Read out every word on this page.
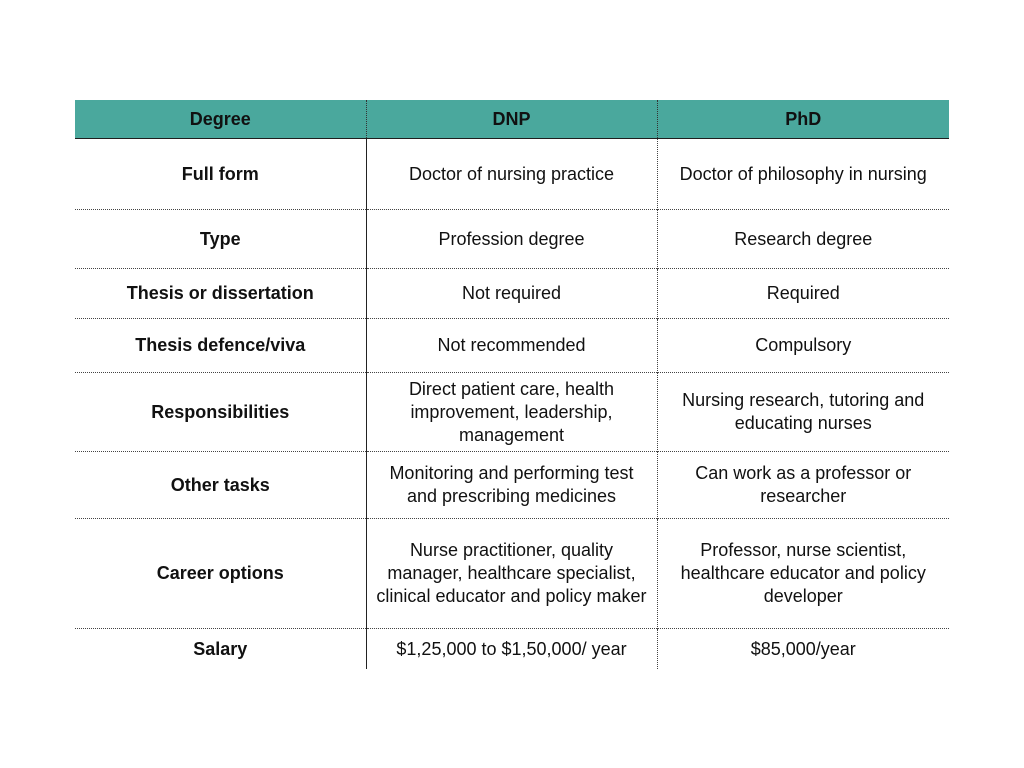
Degree	DNP	PhD
Full form	Doctor of nursing practice	Doctor of philosophy in nursing
Type	Profession degree	Research degree
Thesis or dissertation	Not required	Required
Thesis defence/viva	Not recommended	Compulsory
Responsibilities	Direct patient care, health improvement, leadership, management	Nursing research, tutoring and educating nurses
Other tasks	Monitoring and performing test and prescribing medicines	Can work as a professor or researcher
Career options	Nurse practitioner, quality manager, healthcare specialist, clinical educator and policy maker	Professor, nurse scientist, healthcare educator and policy developer
Salary	$1,25,000 to $1,50,000/ year	$85,000/year
